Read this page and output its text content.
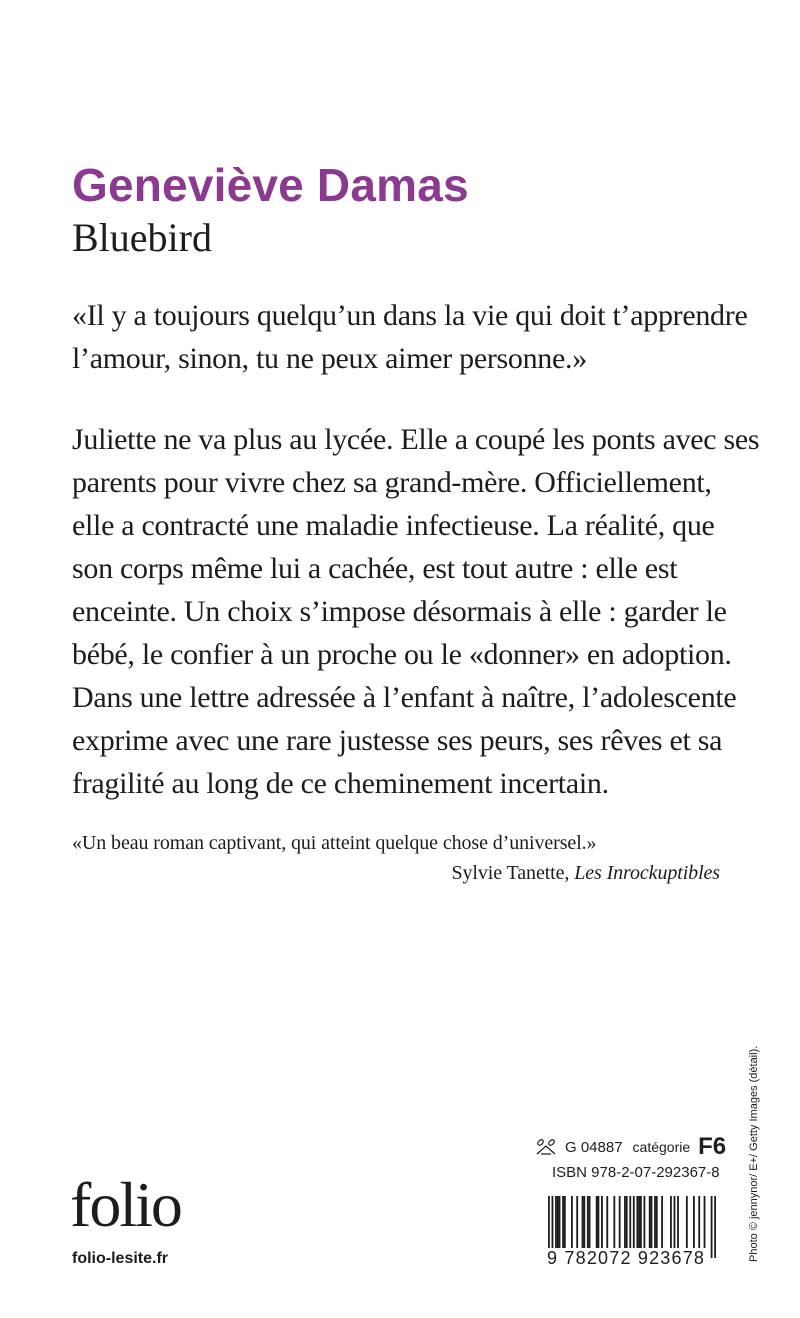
Geneviève Damas
Bluebird
«Il y a toujours quelqu’un dans la vie qui doit t’apprendre
l’amour, sinon, tu ne peux aimer personne.»
Juliette ne va plus au lycée. Elle a coupé les ponts avec ses
parents pour vivre chez sa grand-mère. Officiellement,
elle a contracté une maladie infectieuse. La réalité, que
son corps même lui a cachée, est tout autre : elle est
enceinte. Un choix s’impose désormais à elle : garder le
bébé, le confier à un proche ou le «donner» en adoption.
Dans une lettre adressée à l’enfant à naître, l’adolescente
exprime avec une rare justesse ses peurs, ses rêves et sa
fragilité au long de ce cheminement incertain.
«Un beau roman captivant, qui atteint quelque chose d’universel.»
Sylvie Tanette, Les Inrockuptibles
Photo © jennynor/ E+/ Getty Images (détail).
G 04887 catégorie F6
ISBN 978-2-07-292367-8
9 782072 923678
folio
folio-lesite.fr
